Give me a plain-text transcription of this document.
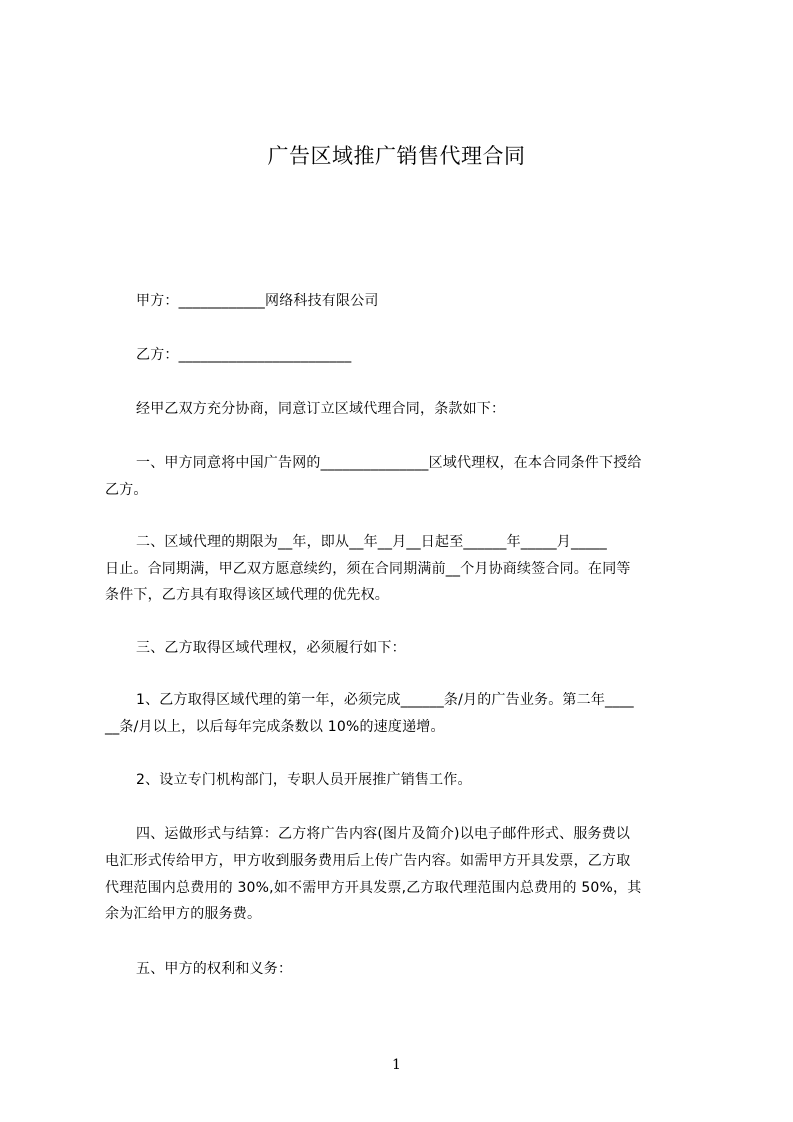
广告区域推广销售代理合同
甲方：____________网络科技有限公司
乙方：________________________
经甲乙双方充分协商，同意订立区域代理合同，条款如下：
一、甲方同意将中国广告网的_______________区域代理权，在本合同条件下授给
乙方。
二、区域代理的期限为__年，即从__年__月__日起至______年_____月_____
日止。合同期满，甲乙双方愿意续约，须在合同期满前__个月协商续签合同。在同等
条件下，乙方具有取得该区域代理的优先权。
三、乙方取得区域代理权，必须履行如下：
1、乙方取得区域代理的第一年，必须完成______条/月的广告业务。第二年____
__条/月以上，以后每年完成条数以 10%的速度递增。
2、设立专门机构部门，专职人员开展推广销售工作。
四、运做形式与结算：乙方将广告内容(图片及简介)以电子邮件形式、服务费以
电汇形式传给甲方，甲方收到服务费用后上传广告内容。如需甲方开具发票，乙方取
代理范围内总费用的 30%,如不需甲方开具发票,乙方取代理范围内总费用的 50%，其
余为汇给甲方的服务费。
五、甲方的权利和义务：
1
